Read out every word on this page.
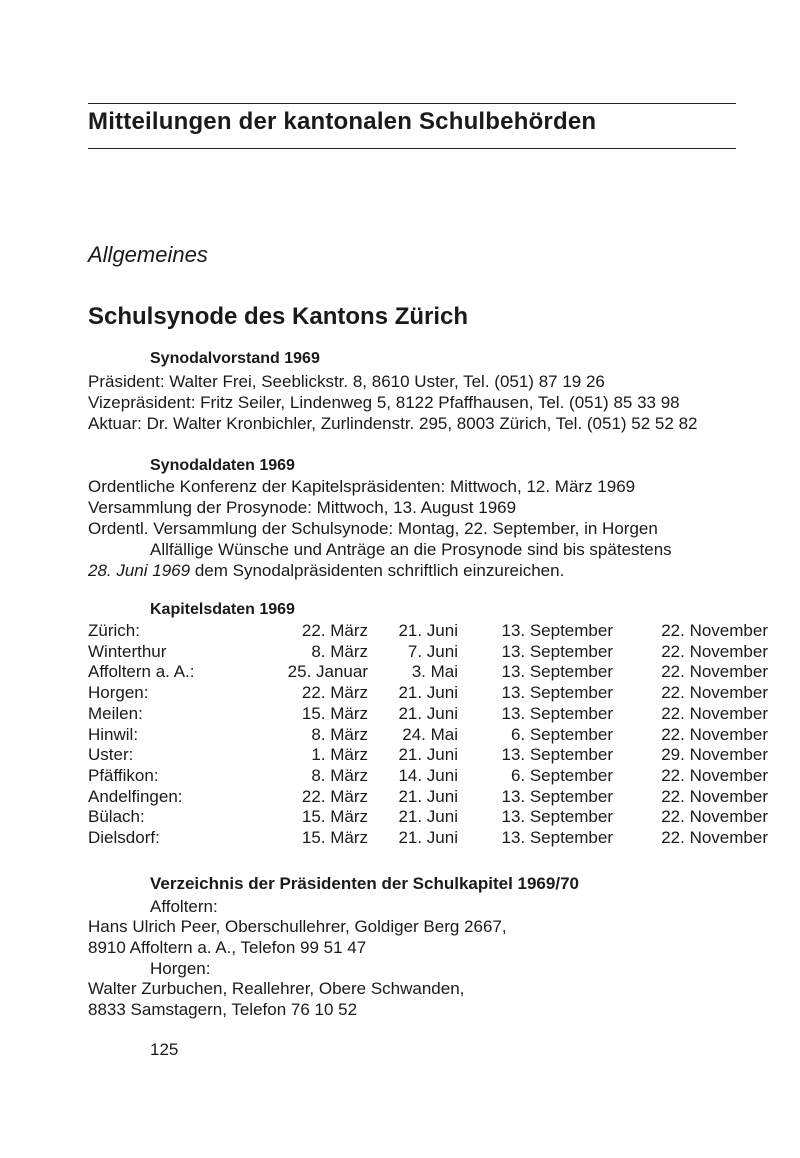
Mitteilungen der kantonalen Schulbehörden
Allgemeines
Schulsynode des Kantons Zürich
Synodalvorstand 1969
Präsident: Walter Frei, Seeblickstr. 8, 8610 Uster, Tel. (051) 87 19 26
Vizepräsident: Fritz Seiler, Lindenweg 5, 8122 Pfaffhausen, Tel. (051) 85 33 98
Aktuar: Dr. Walter Kronbichler, Zurlindenstr. 295, 8003 Zürich, Tel. (051) 52 52 82
Synodaldaten 1969
Ordentliche Konferenz der Kapitelspräsidenten: Mittwoch, 12. März 1969
Versammlung der Prosynode: Mittwoch, 13. August 1969
Ordentl. Versammlung der Schulsynode: Montag, 22. September, in Horgen
Allfällige Wünsche und Anträge an die Prosynode sind bis spätestens
28. Juni 1969 dem Synodalpräsidenten schriftlich einzureichen.
Kapitelsdaten 1969
Zürich:	22. März	21. Juni	13. September	22. November
Winterthur	8. März	7. Juni	13. September	22. November
Affoltern a. A.:	25. Januar	3. Mai	13. September	22. November
Horgen:	22. März	21. Juni	13. September	22. November
Meilen:	15. März	21. Juni	13. September	22. November
Hinwil:	8. März	24. Mai	6. September	22. November
Uster:	1. März	21. Juni	13. September	29. November
Pfäffikon:	8. März	14. Juni	6. September	22. November
Andelfingen:	22. März	21. Juni	13. September	22. November
Bülach:	15. März	21. Juni	13. September	22. November
Dielsdorf:	15. März	21. Juni	13. September	22. November
Verzeichnis der Präsidenten der Schulkapitel 1969/70
Affoltern:
Hans Ulrich Peer, Oberschullehrer, Goldiger Berg 2667,
8910 Affoltern a. A., Telefon 99 51 47
Horgen:
Walter Zurbuchen, Reallehrer, Obere Schwanden,
8833 Samstagern, Telefon 76 10 52
125
